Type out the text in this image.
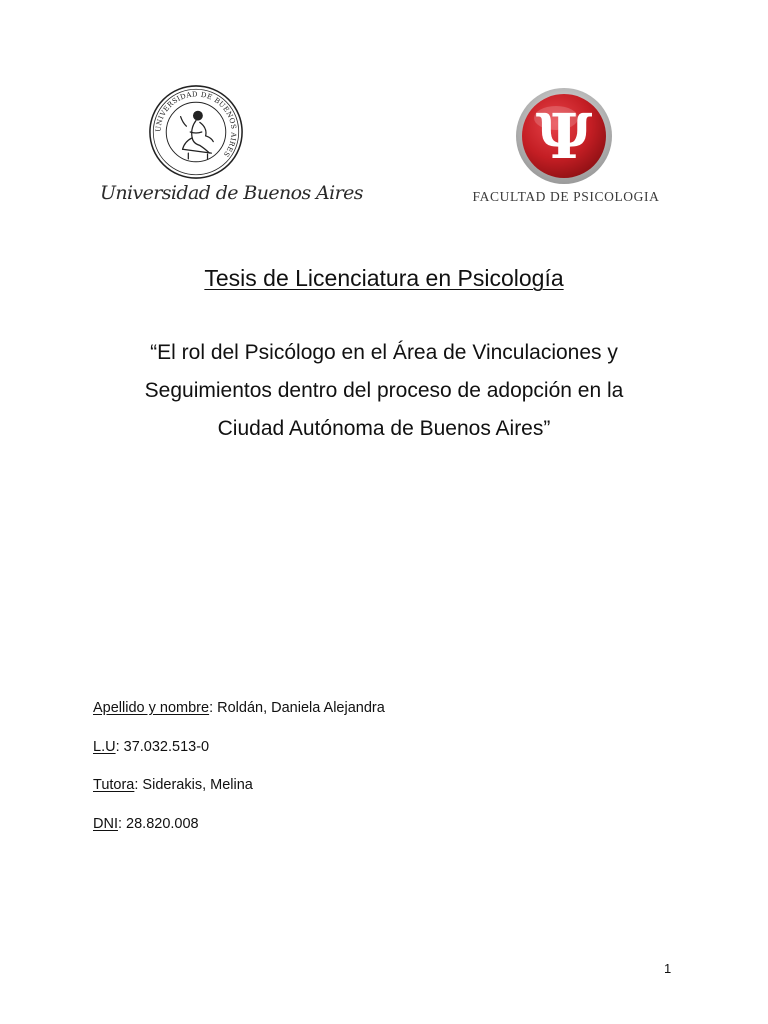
UNIVERSIDAD DE BUENOS AIRES
Universidad de Buenos Aires
Ψ
FACULTAD DE PSICOLOGIA
Tesis de Licenciatura en Psicología
“El rol del Psicólogo en el Área de Vinculaciones y
Seguimientos dentro del proceso de adopción en la
Ciudad Autónoma de Buenos Aires”
Apellido y nombre: Roldán, Daniela Alejandra
L.U: 37.032.513-0
Tutora: Siderakis, Melina
DNI: 28.820.008
1
